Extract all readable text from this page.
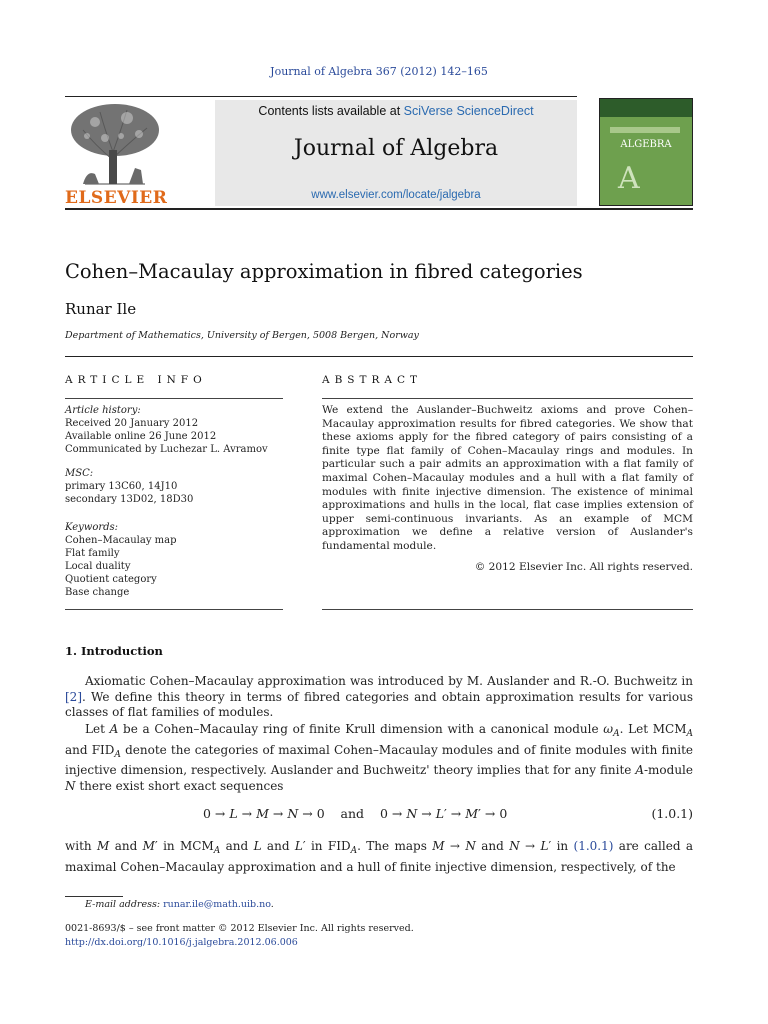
Journal of Algebra 367 (2012) 142–165
ELSEVIER
Contents lists available at SciVerse ScienceDirect
Journal of Algebra
www.elsevier.com/locate/jalgebra
ALGEBRA
A
Cohen–Macaulay approximation in fibred categories
Runar Ile
Department of Mathematics, University of Bergen, 5008 Bergen, Norway
ARTICLE INFO	ABSTRACT
Article history:
Received 20 January 2012
Available online 26 June 2012
Communicated by Luchezar L. Avramov
MSC:
primary 13C60, 14J10
secondary 13D02, 18D30
Keywords:
Cohen–Macaulay map
Flat family
Local duality
Quotient category
Base change
We extend the Auslander–Buchweitz axioms and prove Cohen–Macaulay approximation results for fibred categories. We show that these axioms apply for the fibred category of pairs consisting of a finite type flat family of Cohen–Macaulay rings and modules. In particular such a pair admits an approximation with a flat family of maximal Cohen–Macaulay modules and a hull with a flat family of modules with finite injective dimension. The existence of minimal approximations and hulls in the local, flat case implies extension of upper semi-continuous invariants. As an example of MCM approximation we define a relative version of Auslander's fundamental module.
© 2012 Elsevier Inc. All rights reserved.
1. Introduction
Axiomatic Cohen–Macaulay approximation was introduced by M. Auslander and R.-O. Buchweitz in [2]. We define this theory in terms of fibred categories and obtain approximation results for various classes of flat families of modules.
Let A be a Cohen–Macaulay ring of finite Krull dimension with a canonical module $\omega_A$. Let $MCM_A$ and $FID_A$ denote the categories of maximal Cohen–Macaulay modules and of finite modules with finite injective dimension, respectively. Auslander and Buchweitz' theory implies that for any finite A-module N there exist short exact sequences
0 → L → M → N → 0    and    0 → N → L′ → M′ → 0	(1.0.1)
with M and M′ in $MCM_A$ and L and L′ in $FID_A$. The maps M → N and N → L′ in (1.0.1) are called a maximal Cohen–Macaulay approximation and a hull of finite injective dimension, respectively, of the
E-mail address: runar.ile@math.uib.no.
0021-8693/$ – see front matter © 2012 Elsevier Inc. All rights reserved.
http://dx.doi.org/10.1016/j.jalgebra.2012.06.006
